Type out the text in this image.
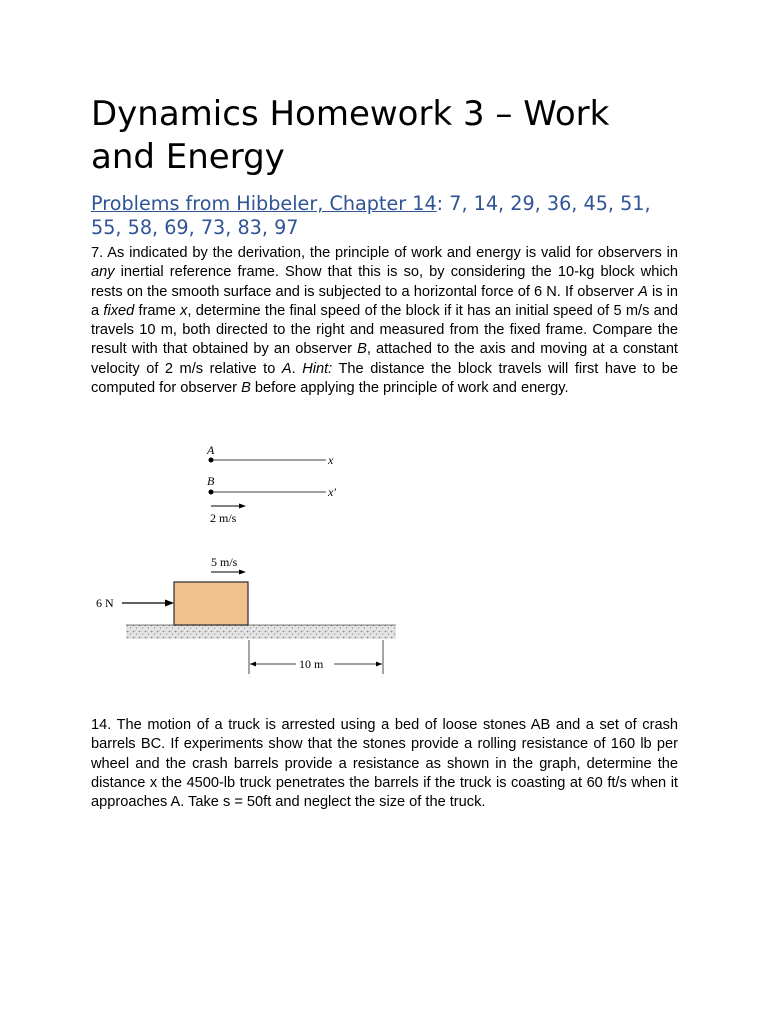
Dynamics Homework 3 – Work and Energy
Problems from Hibbeler, Chapter 14: 7, 14, 29, 36, 45, 51, 55, 58, 69, 73, 83, 97

7. As indicated by the derivation, the principle of work and energy is valid for observers in any inertial reference frame. Show that this is so, by considering the 10-kg block which rests on the smooth surface and is subjected to a horizontal force of 6 N. If observer A is in a fixed frame x, determine the final speed of the block if it has an initial speed of 5 m/s and travels 10 m, both directed to the right and measured from the fixed frame. Compare the result with that obtained by an observer B, attached to the axis and moving at a constant velocity of 2 m/s relative to A. Hint: The distance the block travels will first have to be computed for observer B before applying the principle of work and energy.

14. The motion of a truck is arrested using a bed of loose stones AB and a set of crash barrels BC. If experiments show that the stones provide a rolling resistance of 160 lb per wheel and the crash barrels provide a resistance as shown in the graph, determine the distance x the 4500-lb truck penetrates the barrels if the truck is coasting at 60 ft/s when it approaches A. Take s = 50ft and neglect the size of the truck.

A
x
B
x′
2 m/s
5 m/s
6 N
10 m
